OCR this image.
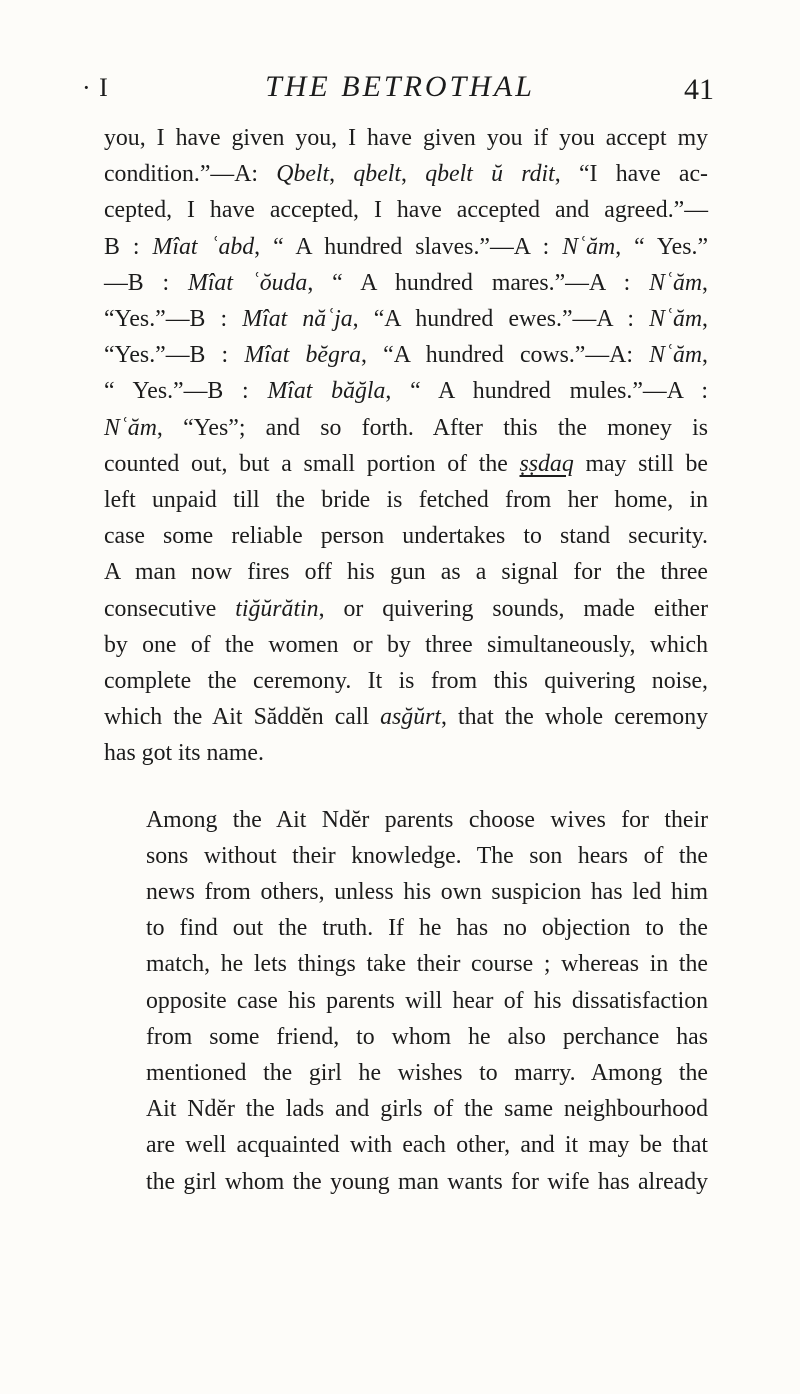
· I	THE BETROTHAL	41

you, I have given you, I have given you if you accept my
condition.”—A: Qbelt, qbelt, qbelt ŭ rdit, “I have ac-
cepted, I have accepted, I have accepted and agreed.”—
B : Mîat ʿabd, “ A hundred slaves.”—A : Nʿăm, “ Yes.”
—B : Mîat ʿŏuda, “ A hundred mares.”—A : Nʿăm,
“Yes.”—B : Mîat năʿja, “A hundred ewes.”—A : Nʿăm,
“Yes.”—B : Mîat bĕgra, “A hundred cows.”—A: Nʿăm,
“ Yes.”—B : Mîat băğla, “ A hundred mules.”—A :
Nʿăm, “Yes”; and so forth. After this the money is
counted out, but a small portion of the ṣṣdaq may still be
left unpaid till the bride is fetched from her home, in
case some reliable person undertakes to stand security.
A man now fires off his gun as a signal for the three
consecutive tiğŭrătin, or quivering sounds, made either
by one of the women or by three simultaneously, which
complete the ceremony. It is from this quivering noise,
which the Ait Săddĕn call asğŭrt, that the whole ceremony
has got its name.

Among the Ait Ndĕr parents choose wives for their
sons without their knowledge. The son hears of the
news from others, unless his own suspicion has led him
to find out the truth. If he has no objection to the
match, he lets things take their course ; whereas in the
opposite case his parents will hear of his dissatisfaction
from some friend, to whom he also perchance has
mentioned the girl he wishes to marry. Among the
Ait Ndĕr the lads and girls of the same neighbourhood
are well acquainted with each other, and it may be that
the girl whom the young man wants for wife has already
